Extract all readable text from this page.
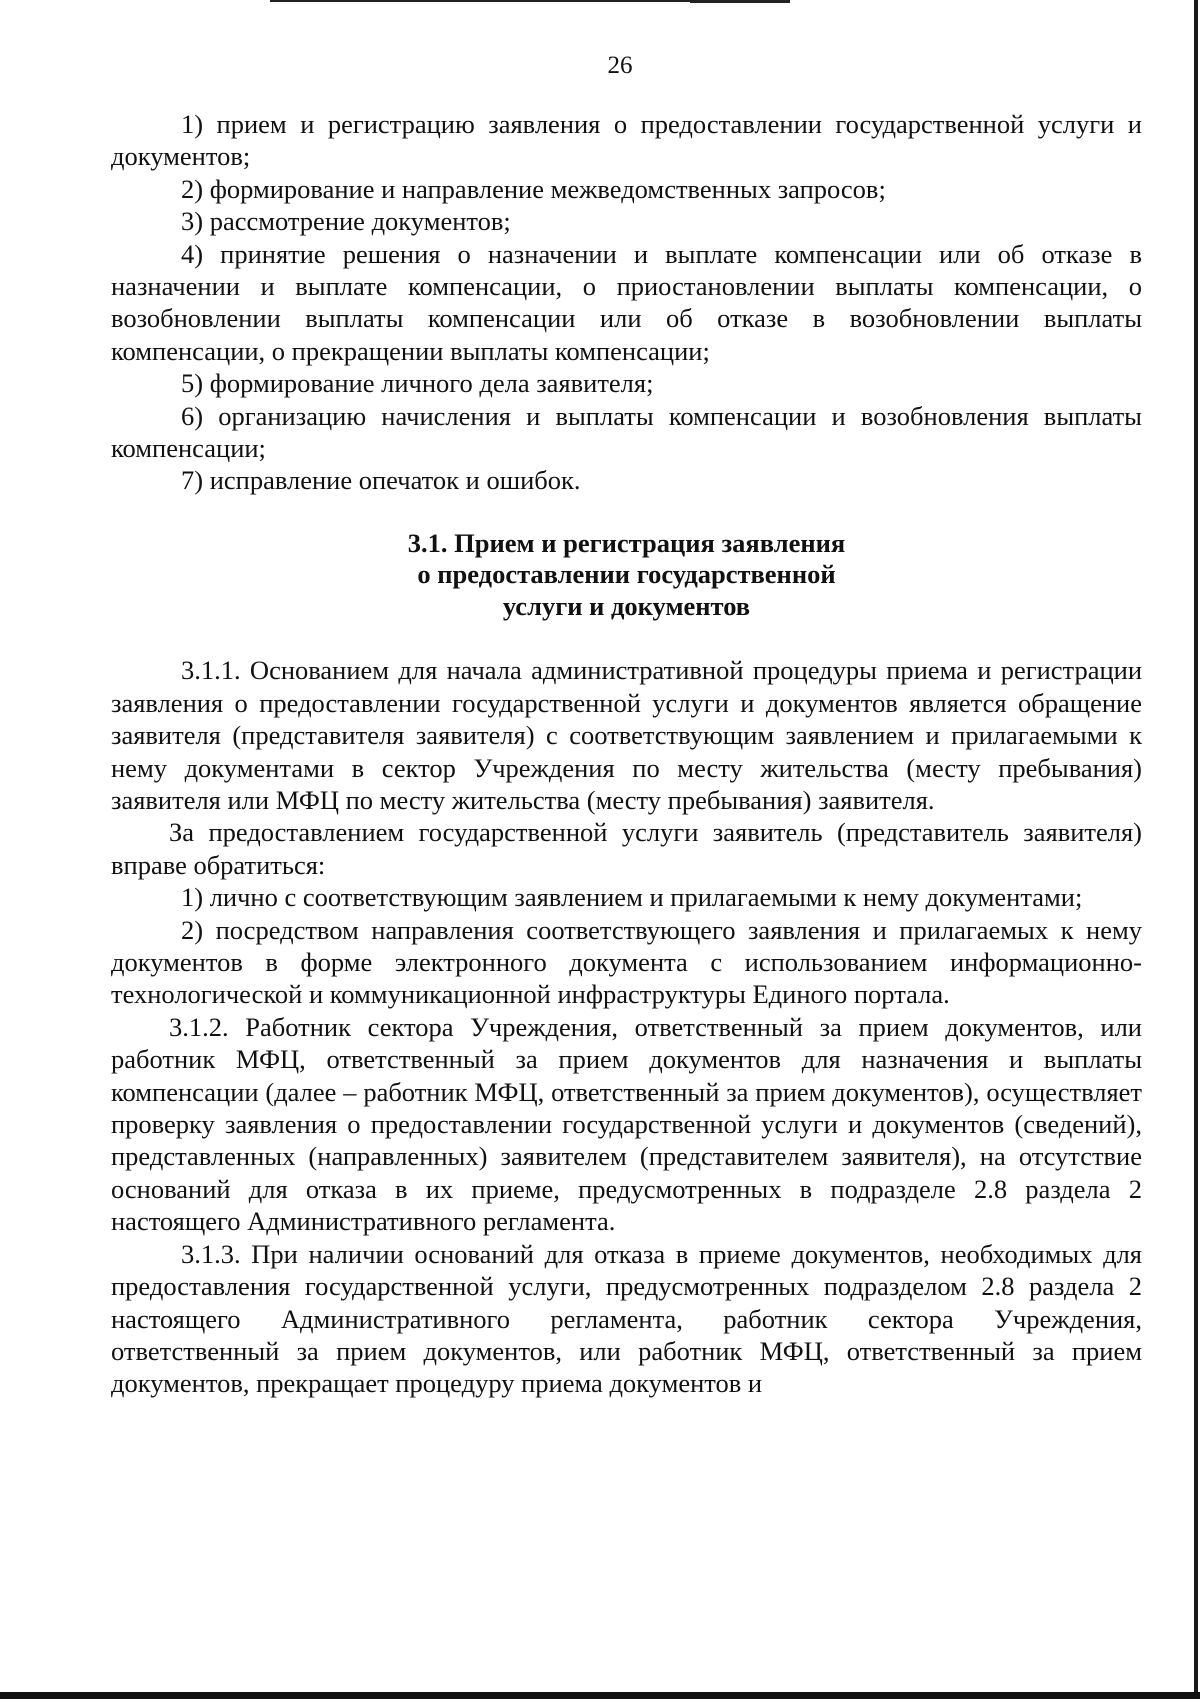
26

1) прием и регистрацию заявления о предоставлении государственной услуги и документов;

2) формирование и направление межведомственных запросов;

3) рассмотрение документов;

4) принятие решения о назначении и выплате компенсации или об отказе в назначении и выплате компенсации, о приостановлении выплаты компенсации, о возобновлении выплаты компенсации или об отказе в возобновлении выплаты компенсации, о прекращении выплаты компенсации;

5) формирование личного дела заявителя;

6) организацию начисления и выплаты компенсации и возобновления выплаты компенсации;

7) исправление опечаток и ошибок.

3.1. Прием и регистрация заявления
о предоставлении государственной
услуги и документов

3.1.1. Основанием для начала административной процедуры приема и регистрации заявления о предоставлении государственной услуги и документов является обращение заявителя (представителя заявителя) с соответствующим заявлением и прилагаемыми к нему документами в сектор Учреждения по месту жительства (месту пребывания) заявителя или МФЦ по месту жительства (месту пребывания) заявителя.

За предоставлением государственной услуги заявитель (представитель заявителя) вправе обратиться:

1) лично с соответствующим заявлением и прилагаемыми к нему документами;

2) посредством направления соответствующего заявления и прилагаемых к нему документов в форме электронного документа с использованием информационно-технологической и коммуникационной инфраструктуры Единого портала.

3.1.2. Работник сектора Учреждения, ответственный за прием документов, или работник МФЦ, ответственный за прием документов для назначения и выплаты компенсации (далее – работник МФЦ, ответственный за прием документов), осуществляет проверку заявления о предоставлении государственной услуги и документов (сведений), представленных (направленных) заявителем (представителем заявителя), на отсутствие оснований для отказа в их приеме, предусмотренных в подразделе 2.8 раздела 2 настоящего Административного регламента.

3.1.3. При наличии оснований для отказа в приеме документов, необходимых для предоставления государственной услуги, предусмотренных подразделом 2.8 раздела 2 настоящего Административного регламента, работник сектора Учреждения, ответственный за прием документов, или работник МФЦ, ответственный за прием документов, прекращает процедуру приема документов и
